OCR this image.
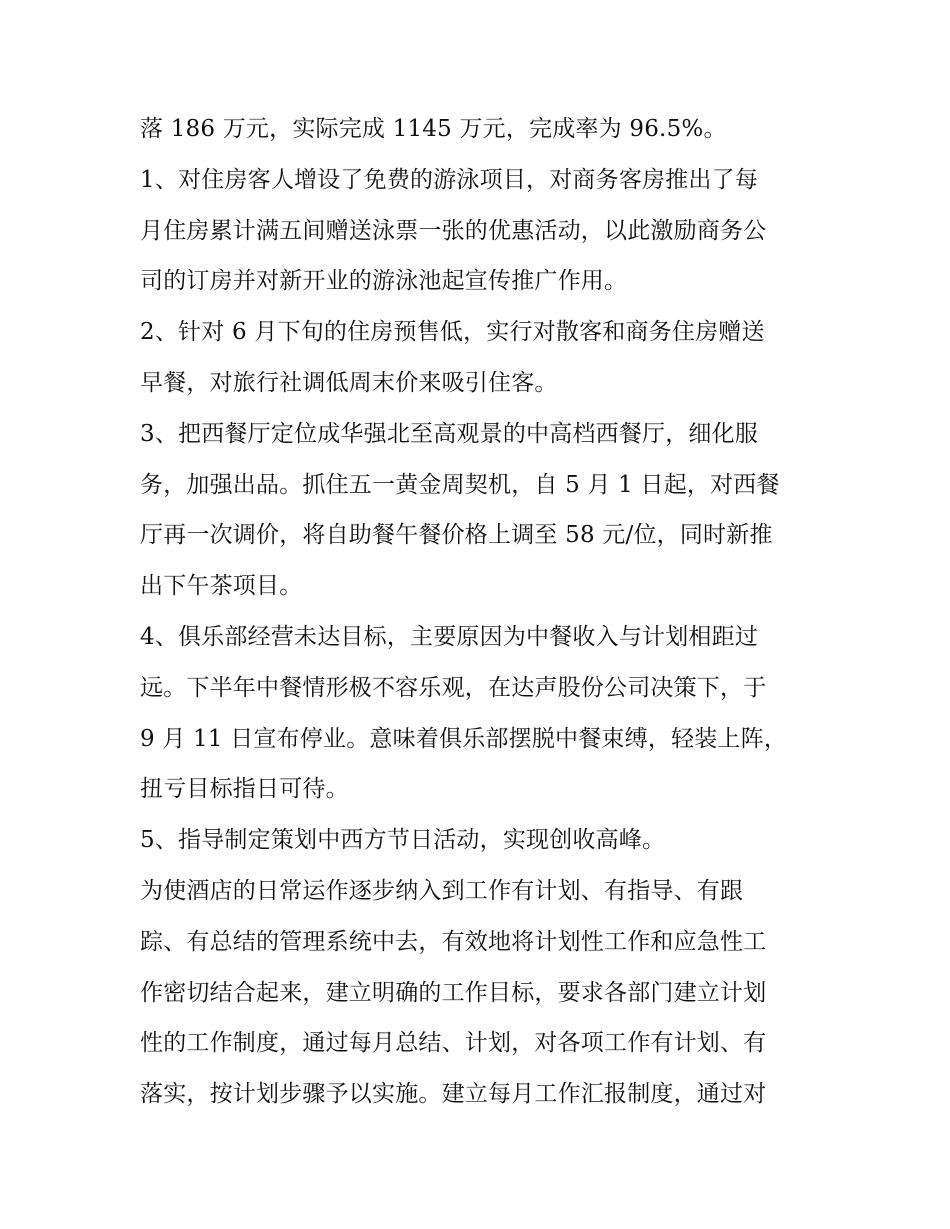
落 186 万元，实际完成 1145 万元，完成率为 96.5%。
1、对住房客人增设了免费的游泳项目，对商务客房推出了每
月住房累计满五间赠送泳票一张的优惠活动，以此激励商务公
司的订房并对新开业的游泳池起宣传推广作用。
2、针对 6 月下旬的住房预售低，实行对散客和商务住房赠送
早餐，对旅行社调低周末价来吸引住客。
3、把西餐厅定位成华强北至高观景的中高档西餐厅，细化服
务，加强出品。抓住五一黄金周契机，自 5 月 1 日起，对西餐
厅再一次调价，将自助餐午餐价格上调至 58 元/位，同时新推
出下午茶项目。
4、俱乐部经营未达目标，主要原因为中餐收入与计划相距过
远。下半年中餐情形极不容乐观，在达声股份公司决策下，于
9 月 11 日宣布停业。意味着俱乐部摆脱中餐束缚，轻装上阵，
扭亏目标指日可待。
5、指导制定策划中西方节日活动，实现创收高峰。
为使酒店的日常运作逐步纳入到工作有计划、有指导、有跟
踪、有总结的管理系统中去，有效地将计划性工作和应急性工
作密切结合起来，建立明确的工作目标，要求各部门建立计划
性的工作制度，通过每月总结、计划，对各项工作有计划、有
落实，按计划步骤予以实施。建立每月工作汇报制度，通过对
